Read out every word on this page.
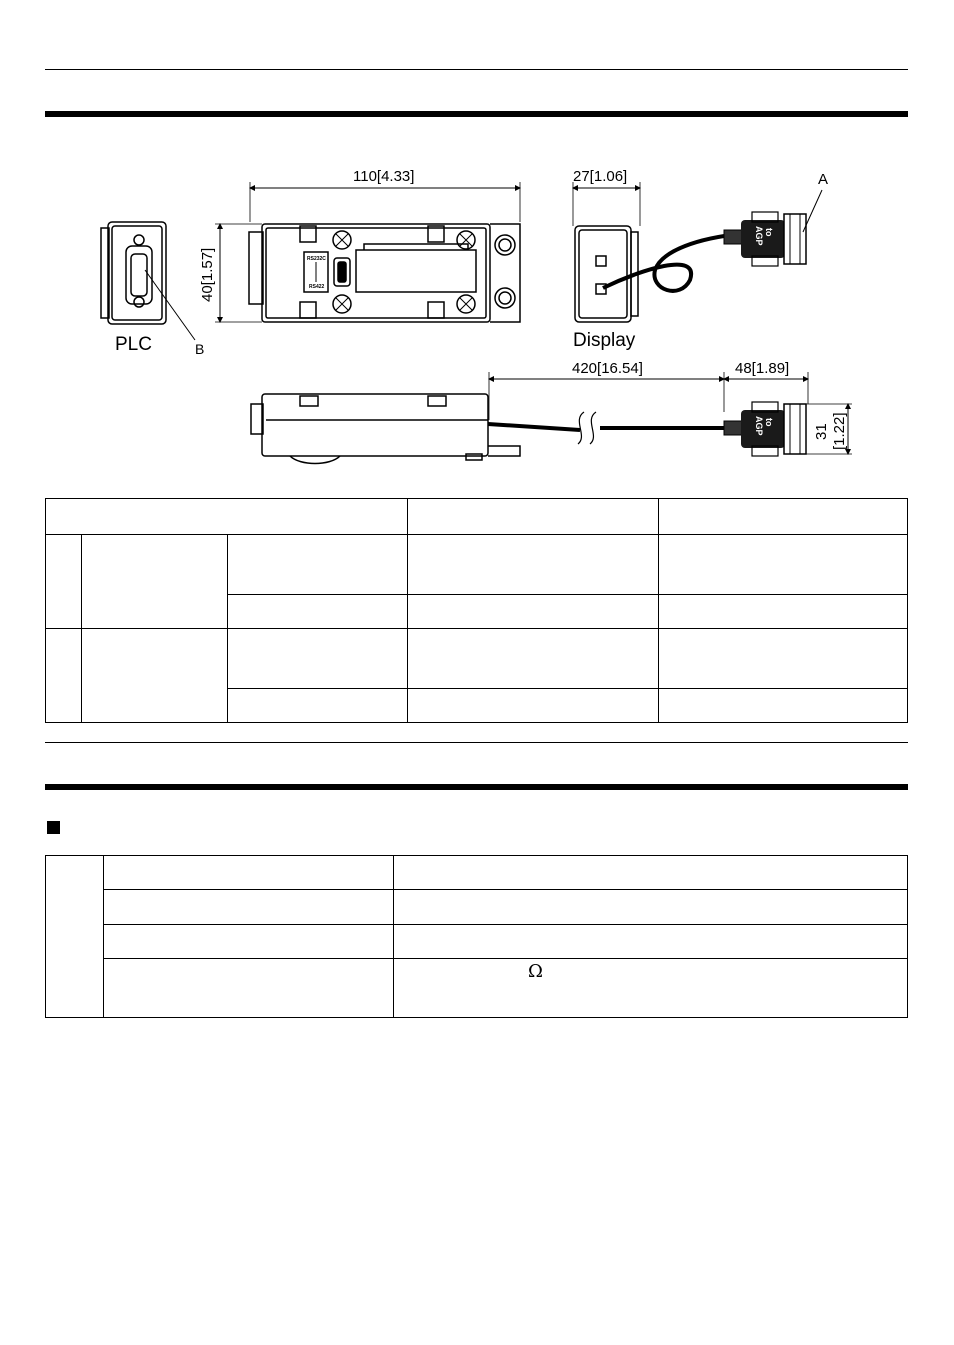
PLC	B
110[4.33]
40[1.57]	RS232C
RS422
27[1.06]
Display
to
AGP
A
420[16.54]	48[1.89]
to
AGP	31 [1.22]

Ω
